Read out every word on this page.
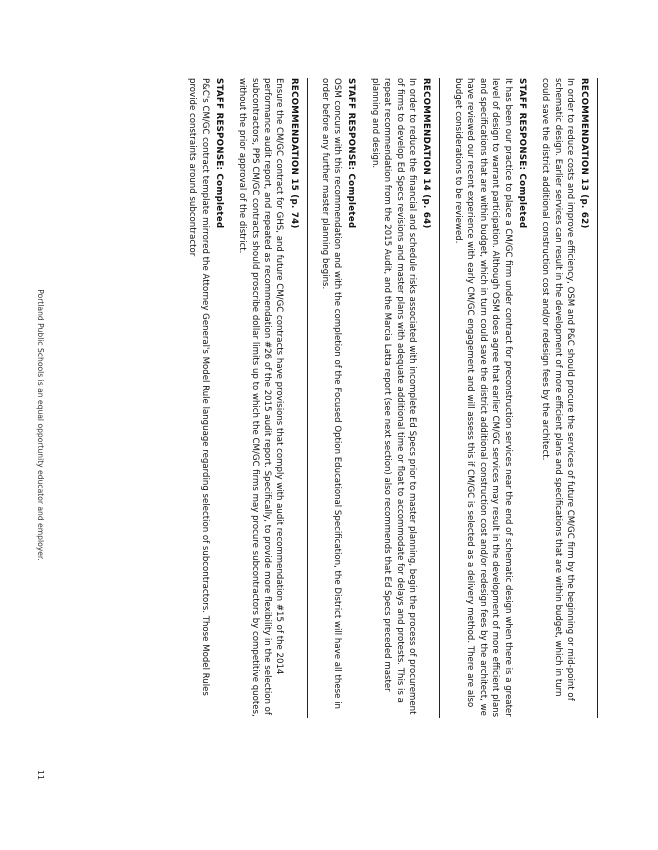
RECOMMENDATION 13 (p. 62)

In order to reduce costs and improve efficiency, OSM and P&C should procure the services of future CM/GC firm by the beginning or mid-point of schematic design. Earlier services can result in the development of more efficient plans and specifications that are within budget, which in turn could save the district additional construction cost and/or redesign fees by the architect.

STAFF RESPONSE: Completed

It has been our practice to place a CM/GC firm under contract for preconstruction services near the end of schematic design when there is a greater level of design to warrant participation. Although OSM does agree that earlier CM/GC services may result in the development of more efficient plans and specifications that are within budget, which in turn could save the district additional construction cost and/or redesign fees by the architect, we have reviewed our recent experience with early CM/GC engagement and will assess this if CM/GC is selected as a delivery method. There are also budget considerations to be reviewed.

RECOMMENDATION 14 (p. 64)

In order to reduce the financial and schedule risks associated with incomplete Ed Specs prior to master planning, begin the process of procurement of firms to develop Ed Specs revisions and master plans with adequate additional time or float to accommodate for delays and protests. This is a repeat recommendation from the 2015 Audit, and the Marcia Latta report (see next section) also recommends that Ed Specs preceded master planning and design.

STAFF RESPONSE: Completed

OSM concurs with this recommendation and with the completion of the Focused Option Educational Specification, the District will have all these in order before any further master planning begins.

RECOMMENDATION 15 (p. 74)

Ensure the CM/GC contract for GHS, and future CM/GC contracts have provisions that comply with audit recommendation #15 of the 2014 performance audit report, and repeated as recommendation #26 of the 2015 audit report. Specifically, to provide more flexibility in the selection of subcontractors, PPS CM/GC contracts should proscribe dollar limits up to which the CM/GC firms may procure subcontractors by competitive quotes, without the prior approval of the district.

STAFF RESPONSE: Completed

P&C's CM/GC contract template mirrored the Attorney General's Model Rule language regarding selection of subcontractors. Those Model Rules provide constraints around subcontractor

Portland Public Schools is an equal opportunity educator and employer.
11
